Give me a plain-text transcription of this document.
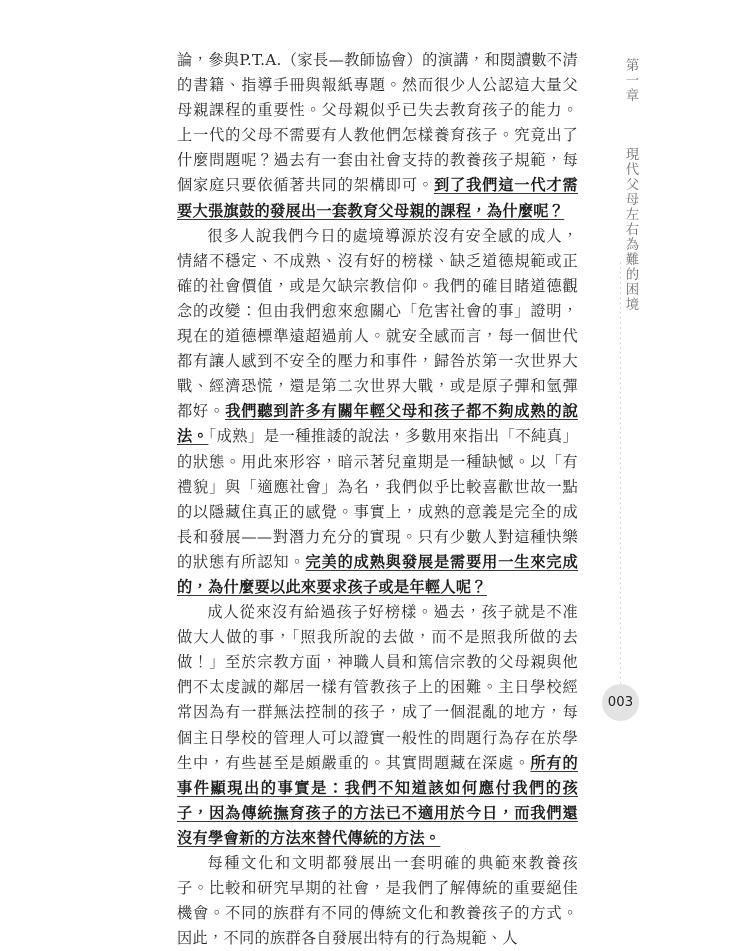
論，參與P.T.A.（家長—教師協會）的演講，和閱讀數不清的書籍、指導手冊與報紙專題。然而很少人公認這大量父母親課程的重要性。父母親似乎已失去教育孩子的能力。上一代的父母不需要有人教他們怎樣養育孩子。究竟出了什麼問題呢？過去有一套由社會支持的教養孩子規範，每個家庭只要依循著共同的架構即可。到了我們這一代才需要大張旗鼓的發展出一套教育父母親的課程，為什麼呢？

很多人說我們今日的處境導源於沒有安全感的成人，情緒不穩定、不成熟、沒有好的榜樣、缺乏道德規範或正確的社會價值，或是欠缺宗教信仰。我們的確目睹道德觀念的改變：但由我們愈來愈關心「危害社會的事」證明，現在的道德標準遠超過前人。就安全感而言，每一個世代都有讓人感到不安全的壓力和事件，歸咎於第一次世界大戰、經濟恐慌，還是第二次世界大戰，或是原子彈和氫彈都好。我們聽到許多有關年輕父母和孩子都不夠成熟的說法。「成熟」是一種推諉的說法，多數用來指出「不純真」的狀態。用此來形容，暗示著兒童期是一種缺憾。以「有禮貌」與「適應社會」為名，我們似乎比較喜歡世故一點的以隱藏住真正的感覺。事實上，成熟的意義是完全的成長和發展——對潛力充分的實現。只有少數人對這種快樂的狀態有所認知。完美的成熟與發展是需要用一生來完成的，為什麼要以此來要求孩子或是年輕人呢？

成人從來沒有給過孩子好榜樣。過去，孩子就是不准做大人做的事，「照我所說的去做，而不是照我所做的去做！」至於宗教方面，神職人員和篤信宗教的父母親與他們不太虔誠的鄰居一樣有管教孩子上的困難。主日學校經常因為有一群無法控制的孩子，成了一個混亂的地方，每個主日學校的管理人可以證實一般性的問題行為存在於學生中，有些甚至是頗嚴重的。其實問題藏在深處。所有的事件顯現出的事實是：我們不知道該如何應付我們的孩子，因為傳統撫育孩子的方法已不適用於今日，而我們還沒有學會新的方法來替代傳統的方法。

每種文化和文明都發展出一套明確的典範來教養孩子。比較和研究早期的社會，是我們了解傳統的重要絕佳機會。不同的族群有不同的傳統文化和教養孩子的方式。因此，不同的族群各自發展出特有的行為規範、人

第一章  現代父母左右為難的困境
003
